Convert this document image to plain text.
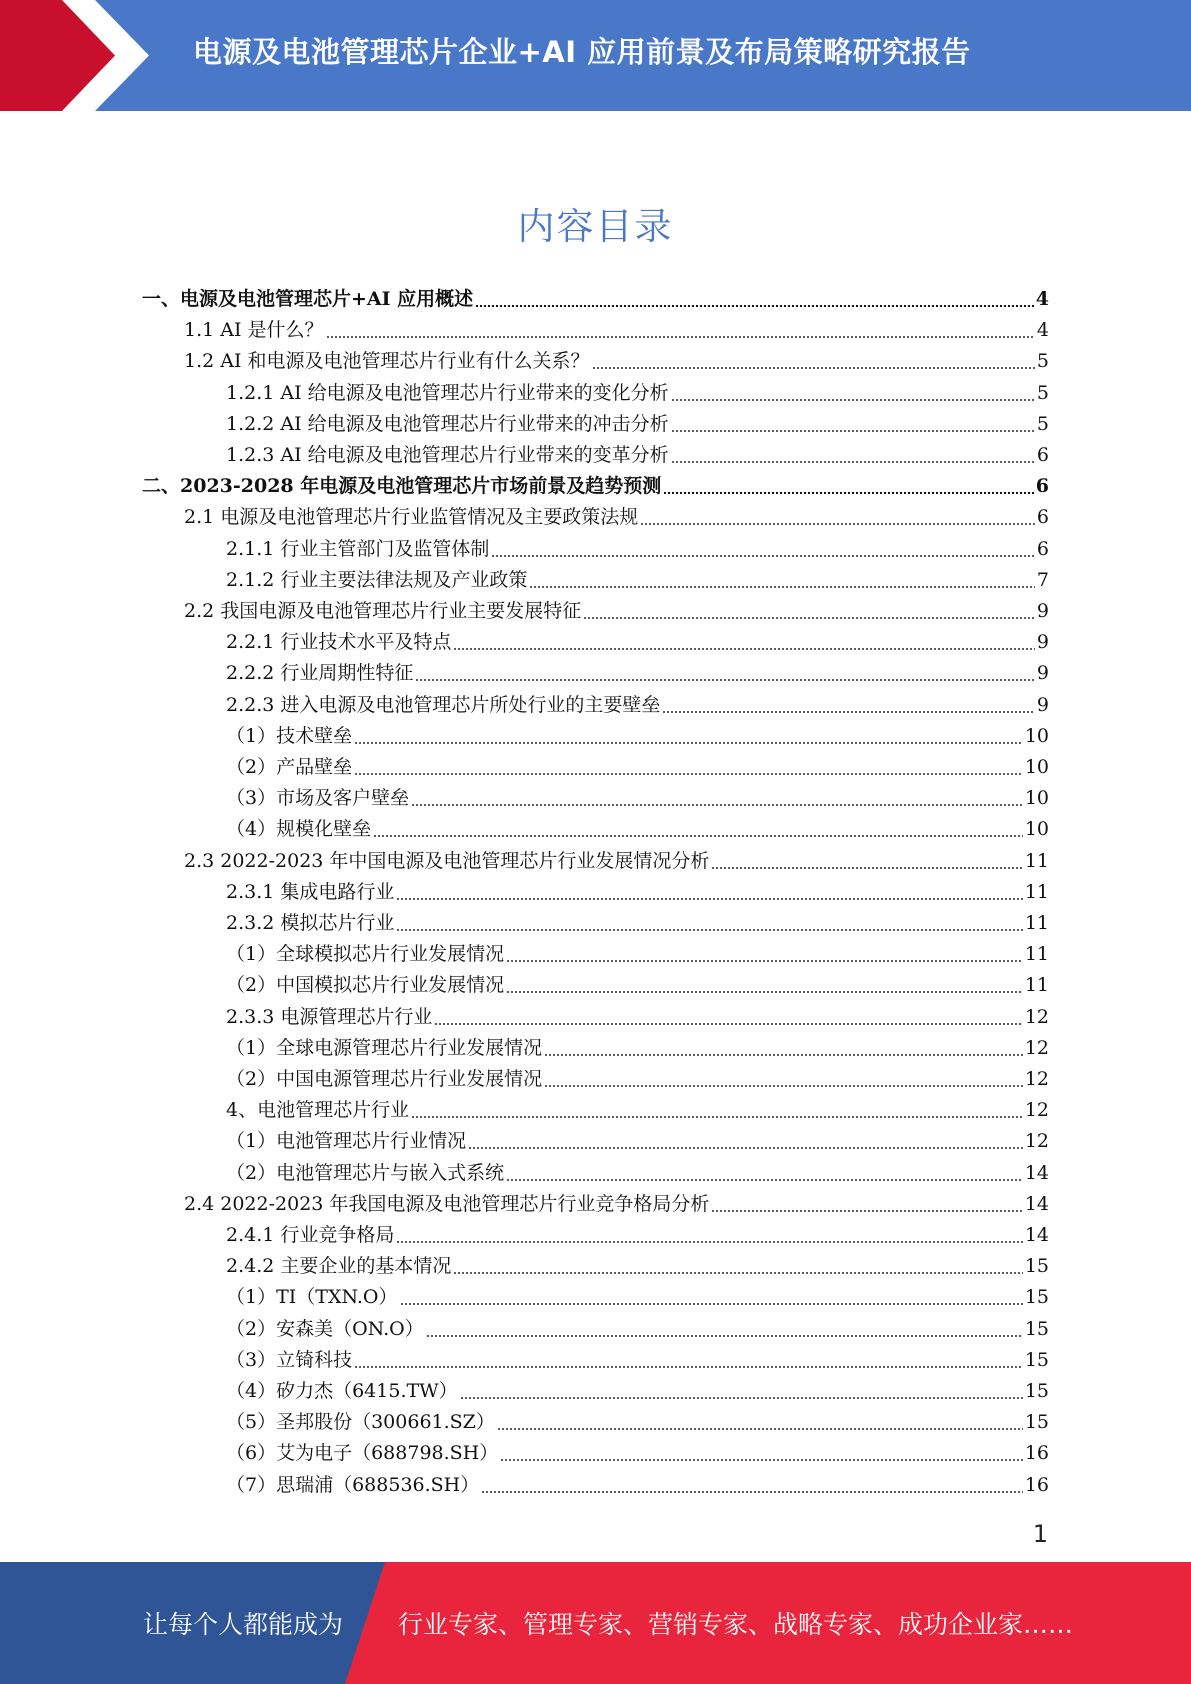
电源及电池管理芯片企业+AI 应用前景及布局策略研究报告
内容目录
一、电源及电池管理芯片+AI 应用概述	4
1.1 AI 是什么？	4
1.2 AI 和电源及电池管理芯片行业有什么关系？	5
1.2.1 AI 给电源及电池管理芯片行业带来的变化分析	5
1.2.2 AI 给电源及电池管理芯片行业带来的冲击分析	5
1.2.3 AI 给电源及电池管理芯片行业带来的变革分析	6
二、2023-2028 年电源及电池管理芯片市场前景及趋势预测	6
2.1 电源及电池管理芯片行业监管情况及主要政策法规	6
2.1.1 行业主管部门及监管体制	6
2.1.2 行业主要法律法规及产业政策	7
2.2 我国电源及电池管理芯片行业主要发展特征	9
2.2.1 行业技术水平及特点	9
2.2.2 行业周期性特征	9
2.2.3 进入电源及电池管理芯片所处行业的主要壁垒	9
（1）技术壁垒	10
（2）产品壁垒	10
（3）市场及客户壁垒	10
（4）规模化壁垒	10
2.3 2022-2023 年中国电源及电池管理芯片行业发展情况分析	11
2.3.1 集成电路行业	11
2.3.2 模拟芯片行业	11
（1）全球模拟芯片行业发展情况	11
（2）中国模拟芯片行业发展情况	11
2.3.3 电源管理芯片行业	12
（1）全球电源管理芯片行业发展情况	12
（2）中国电源管理芯片行业发展情况	12
4、电池管理芯片行业	12
（1）电池管理芯片行业情况	12
（2）电池管理芯片与嵌入式系统	14
2.4 2022-2023 年我国电源及电池管理芯片行业竞争格局分析	14
2.4.1 行业竞争格局	14
2.4.2 主要企业的基本情况	15
（1）TI（TXN.O）	15
（2）安森美（ON.O）	15
（3）立锜科技	15
（4）矽力杰（6415.TW）	15
（5）圣邦股份（300661.SZ）	15
（6）艾为电子（688798.SH）	16
（7）思瑞浦（688536.SH）	16
1
让每个人都能成为 行业专家、管理专家、营销专家、战略专家、成功企业家……
